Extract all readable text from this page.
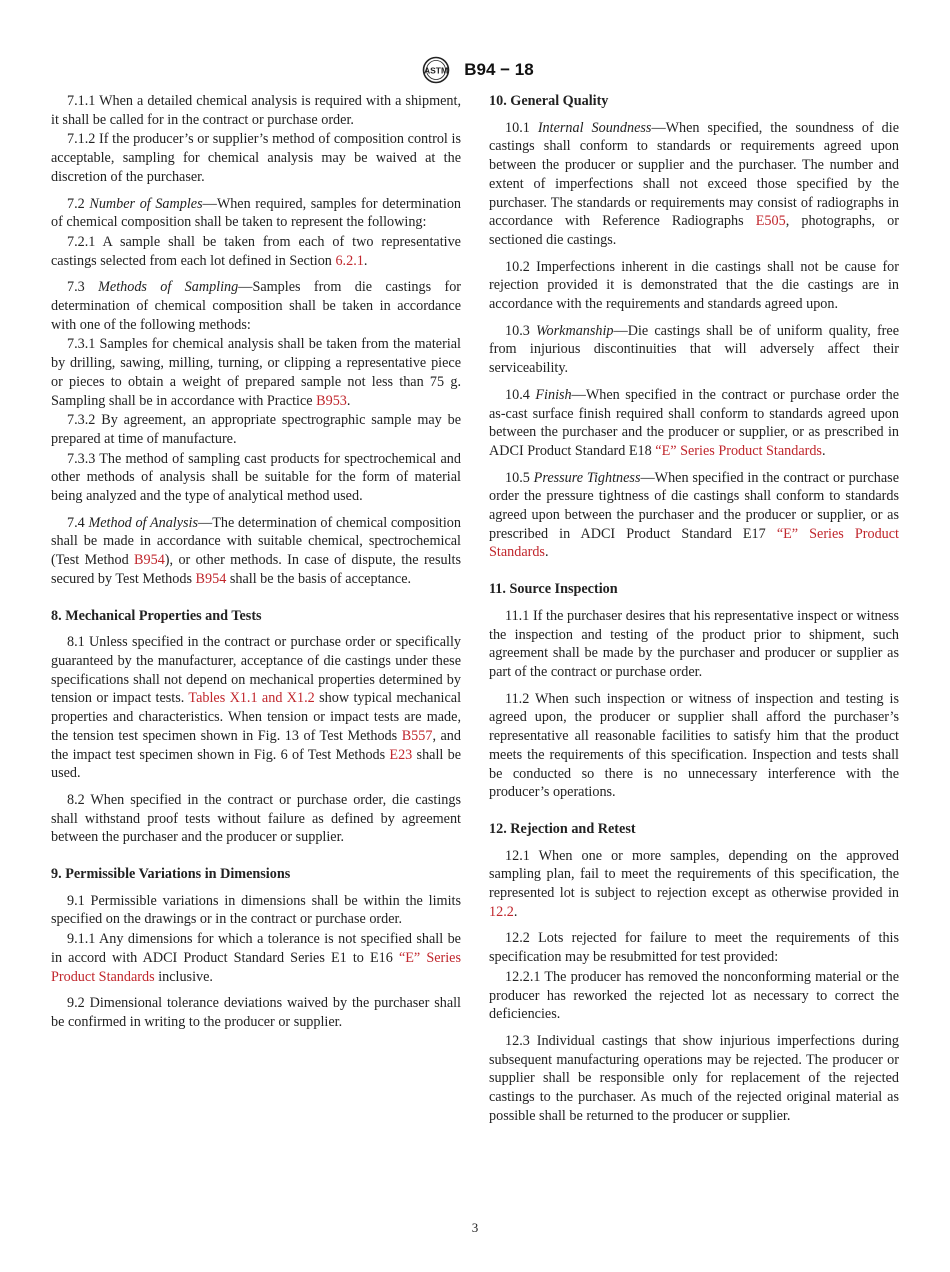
ASTM B94 − 18

7.1.1 When a detailed chemical analysis is required with a shipment, it shall be called for in the contract or purchase order.

7.1.2 If the producer’s or supplier’s method of composition control is acceptable, sampling for chemical analysis may be waived at the discretion of the purchaser.

7.2 Number of Samples—When required, samples for determination of chemical composition shall be taken to represent the following:

7.2.1 A sample shall be taken from each of two representative castings selected from each lot defined in Section 6.2.1.

7.3 Methods of Sampling—Samples from die castings for determination of chemical composition shall be taken in accordance with one of the following methods:

7.3.1 Samples for chemical analysis shall be taken from the material by drilling, sawing, milling, turning, or clipping a representative piece or pieces to obtain a weight of prepared sample not less than 75 g. Sampling shall be in accordance with Practice B953.

7.3.2 By agreement, an appropriate spectrographic sample may be prepared at time of manufacture.

7.3.3 The method of sampling cast products for spectrochemical and other methods of analysis shall be suitable for the form of material being analyzed and the type of analytical method used.

7.4 Method of Analysis—The determination of chemical composition shall be made in accordance with suitable chemical, spectrochemical (Test Method B954), or other methods. In case of dispute, the results secured by Test Methods B954 shall be the basis of acceptance.

8. Mechanical Properties and Tests

8.1 Unless specified in the contract or purchase order or specifically guaranteed by the manufacturer, acceptance of die castings under these specifications shall not depend on mechanical properties determined by tension or impact tests. Tables X1.1 and X1.2 show typical mechanical properties and characteristics. When tension or impact tests are made, the tension test specimen shown in Fig. 13 of Test Methods B557, and the impact test specimen shown in Fig. 6 of Test Methods E23 shall be used.

8.2 When specified in the contract or purchase order, die castings shall withstand proof tests without failure as defined by agreement between the purchaser and the producer or supplier.

9. Permissible Variations in Dimensions

9.1 Permissible variations in dimensions shall be within the limits specified on the drawings or in the contract or purchase order.

9.1.1 Any dimensions for which a tolerance is not specified shall be in accord with ADCI Product Standard Series E1 to E16 “E” Series Product Standards inclusive.

9.2 Dimensional tolerance deviations waived by the purchaser shall be confirmed in writing to the producer or supplier.

10. General Quality

10.1 Internal Soundness—When specified, the soundness of die castings shall conform to standards or requirements agreed upon between the producer or supplier and the purchaser. The number and extent of imperfections shall not exceed those specified by the purchaser. The standards or requirements may consist of radiographs in accordance with Reference Radiographs E505, photographs, or sectioned die castings.

10.2 Imperfections inherent in die castings shall not be cause for rejection provided it is demonstrated that the die castings are in accordance with the requirements and standards agreed upon.

10.3 Workmanship—Die castings shall be of uniform quality, free from injurious discontinuities that will adversely affect their serviceability.

10.4 Finish—When specified in the contract or purchase order the as-cast surface finish required shall conform to standards agreed upon between the purchaser and the producer or supplier, or as prescribed in ADCI Product Standard E18 “E” Series Product Standards.

10.5 Pressure Tightness—When specified in the contract or purchase order the pressure tightness of die castings shall conform to standards agreed upon between the purchaser and the producer or supplier, or as prescribed in ADCI Product Standard E17 “E” Series Product Standards.

11. Source Inspection

11.1 If the purchaser desires that his representative inspect or witness the inspection and testing of the product prior to shipment, such agreement shall be made by the purchaser and producer or supplier as part of the contract or purchase order.

11.2 When such inspection or witness of inspection and testing is agreed upon, the producer or supplier shall afford the purchaser’s representative all reasonable facilities to satisfy him that the product meets the requirements of this specification. Inspection and tests shall be conducted so there is no unnecessary interference with the producer’s operations.

12. Rejection and Retest

12.1 When one or more samples, depending on the approved sampling plan, fail to meet the requirements of this specification, the represented lot is subject to rejection except as otherwise provided in 12.2.

12.2 Lots rejected for failure to meet the requirements of this specification may be resubmitted for test provided:

12.2.1 The producer has removed the nonconforming material or the producer has reworked the rejected lot as necessary to correct the deficiencies.

12.3 Individual castings that show injurious imperfections during subsequent manufacturing operations may be rejected. The producer or supplier shall be responsible only for replacement of the rejected castings to the purchaser. As much of the rejected original material as possible shall be returned to the producer or supplier.

3
